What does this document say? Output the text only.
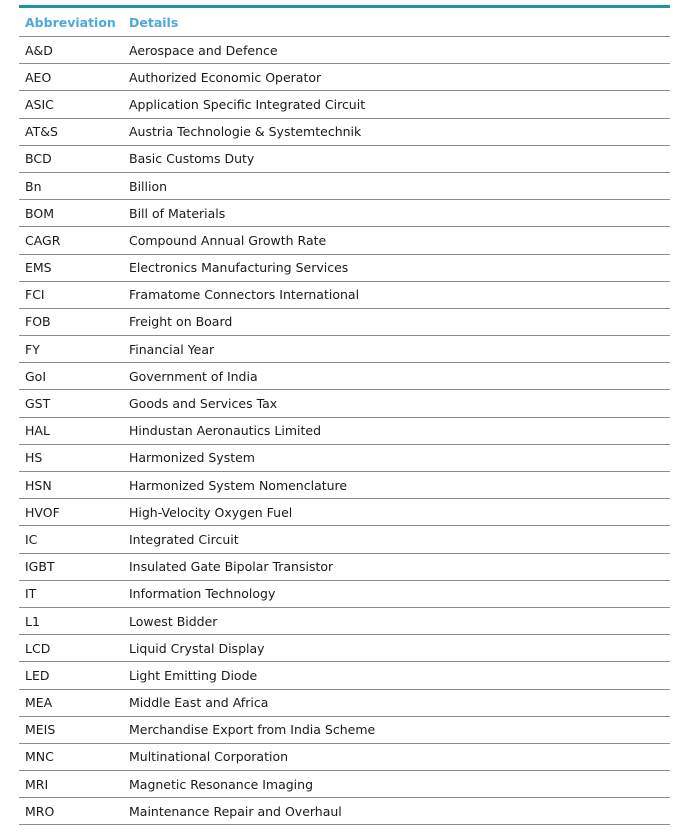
Abbreviation	Details
A&D	Aerospace and Defence
AEO	Authorized Economic Operator
ASIC	Application Specific Integrated Circuit
AT&S	Austria Technologie & Systemtechnik
BCD	Basic Customs Duty
Bn	Billion
BOM	Bill of Materials
CAGR	Compound Annual Growth Rate
EMS	Electronics Manufacturing Services
FCI	Framatome Connectors International
FOB	Freight on Board
FY	Financial Year
GoI	Government of India
GST	Goods and Services Tax
HAL	Hindustan Aeronautics Limited
HS	Harmonized System
HSN	Harmonized System Nomenclature
HVOF	High-Velocity Oxygen Fuel
IC	Integrated Circuit
IGBT	Insulated Gate Bipolar Transistor
IT	Information Technology
L1	Lowest Bidder
LCD	Liquid Crystal Display
LED	Light Emitting Diode
MEA	Middle East and Africa
MEIS	Merchandise Export from India Scheme
MNC	Multinational Corporation
MRI	Magnetic Resonance Imaging
MRO	Maintenance Repair and Overhaul
